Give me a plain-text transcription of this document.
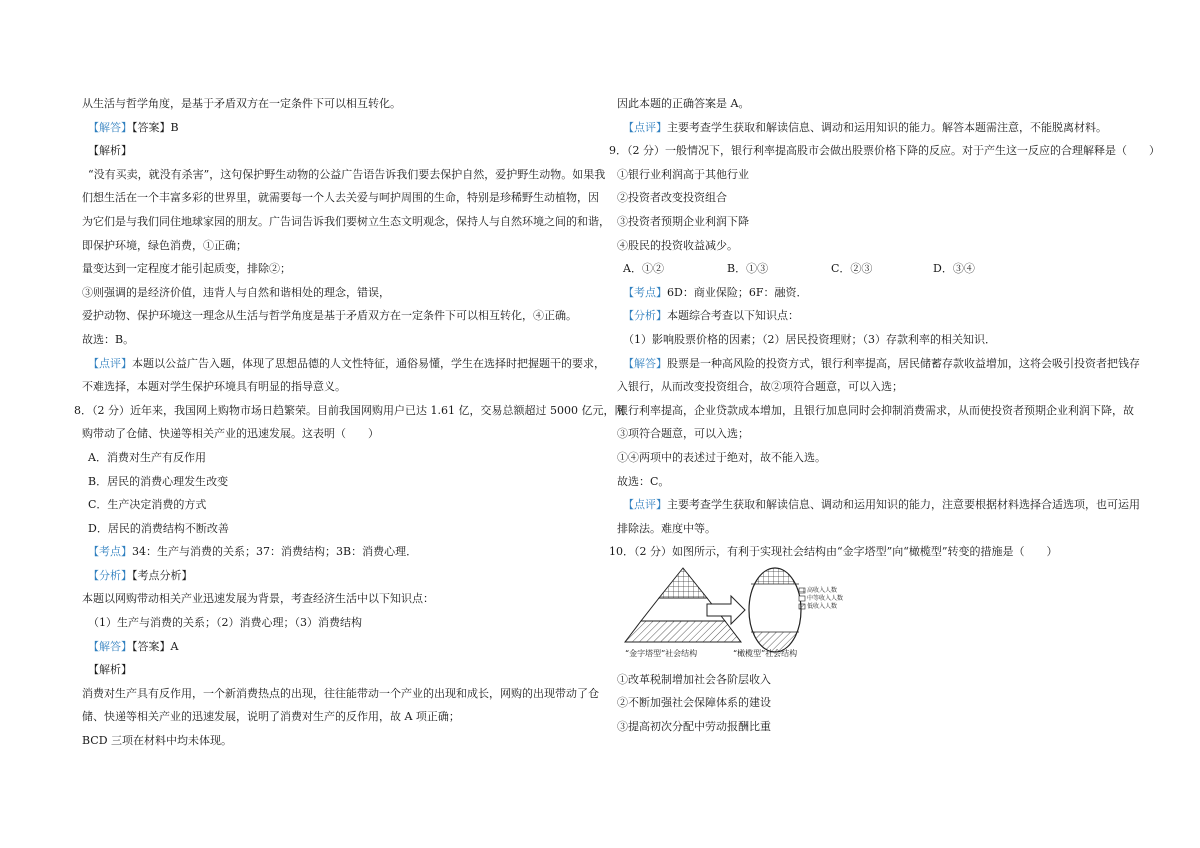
从生活与哲学角度，是基于矛盾双方在一定条件下可以相互转化。
【解答】【答案】B
【解析】
“没有买卖，就没有杀害”，这句保护野生动物的公益广告语告诉我们要去保护自然，爱护野生动物。如果我
们想生活在一个丰富多彩的世界里，就需要每一个人去关爱与呵护周围的生命，特别是珍稀野生动植物，因
为它们是与我们同住地球家园的朋友。广告词告诉我们要树立生态文明观念，保持人与自然环境之间的和谐，
即保护环境，绿色消费，①正确；
量变达到一定程度才能引起质变，排除②；
③则强调的是经济价值，违背人与自然和谐相处的理念，错误，
爱护动物、保护环境这一理念从生活与哲学角度是基于矛盾双方在一定条件下可以相互转化，④正确。
故选：B。
【点评】本题以公益广告入题，体现了思想品德的人文性特征，通俗易懂，学生在选择时把握题干的要求，
不难选择，本题对学生保护环境具有明显的指导意义。
8．（2 分）近年来，我国网上购物市场日趋繁荣。目前我国网购用户已达 1.61 亿，交易总额超过 5000 亿元，网
购带动了仓储、快递等相关产业的迅速发展。这表明（　　）
A．消费对生产有反作用
B．居民的消费心理发生改变
C．生产决定消费的方式
D．居民的消费结构不断改善
【考点】34：生产与消费的关系；37：消费结构；3B：消费心理．
【分析】【考点分析】
本题以网购带动相关产业迅速发展为背景，考查经济生活中以下知识点：
（1）生产与消费的关系；（2）消费心理；（3）消费结构
【解答】【答案】A
【解析】
消费对生产具有反作用，一个新消费热点的出现，往往能带动一个产业的出现和成长，网购的出现带动了仓
储、快递等相关产业的迅速发展，说明了消费对生产的反作用，故 A 项正确；
BCD 三项在材料中均未体现。
因此本题的正确答案是 A。
【点评】主要考查学生获取和解读信息、调动和运用知识的能力。解答本题需注意，不能脱离材料。
9．（2 分）一般情况下，银行利率提高股市会做出股票价格下降的反应。对于产生这一反应的合理解释是（　　）
①银行业利润高于其他行业
②投资者改变投资组合
③投资者预期企业利润下降
④股民的投资收益减少。
A．①②	B．①③	C．②③	D．③④
【考点】6D：商业保险；6F：融资．
【分析】本题综合考查以下知识点：
（1）影响股票价格的因素；（2）居民投资理财；（3）存款利率的相关知识．
【解答】股票是一种高风险的投资方式，银行利率提高，居民储蓄存款收益增加，这将会吸引投资者把钱存
入银行，从而改变投资组合，故②项符合题意，可以入选；
银行利率提高，企业贷款成本增加，且银行加息同时会抑制消费需求，从而使投资者预期企业利润下降，故
③项符合题意，可以入选；
①④两项中的表述过于绝对，故不能入选。
故选：C。
【点评】主要考查学生获取和解读信息、调动和运用知识的能力，注意要根据材料选择合适选项，也可运用
排除法。难度中等。
10．（2 分）如图所示，有利于实现社会结构由“金字塔型”向“橄榄型”转变的措施是（　　）
高收入人数
中等收入人数
低收入人数
“金字塔型”社会结构	“橄榄型”社会结构
①改革税制增加社会各阶层收入
②不断加强社会保障体系的建设
③提高初次分配中劳动报酬比重
